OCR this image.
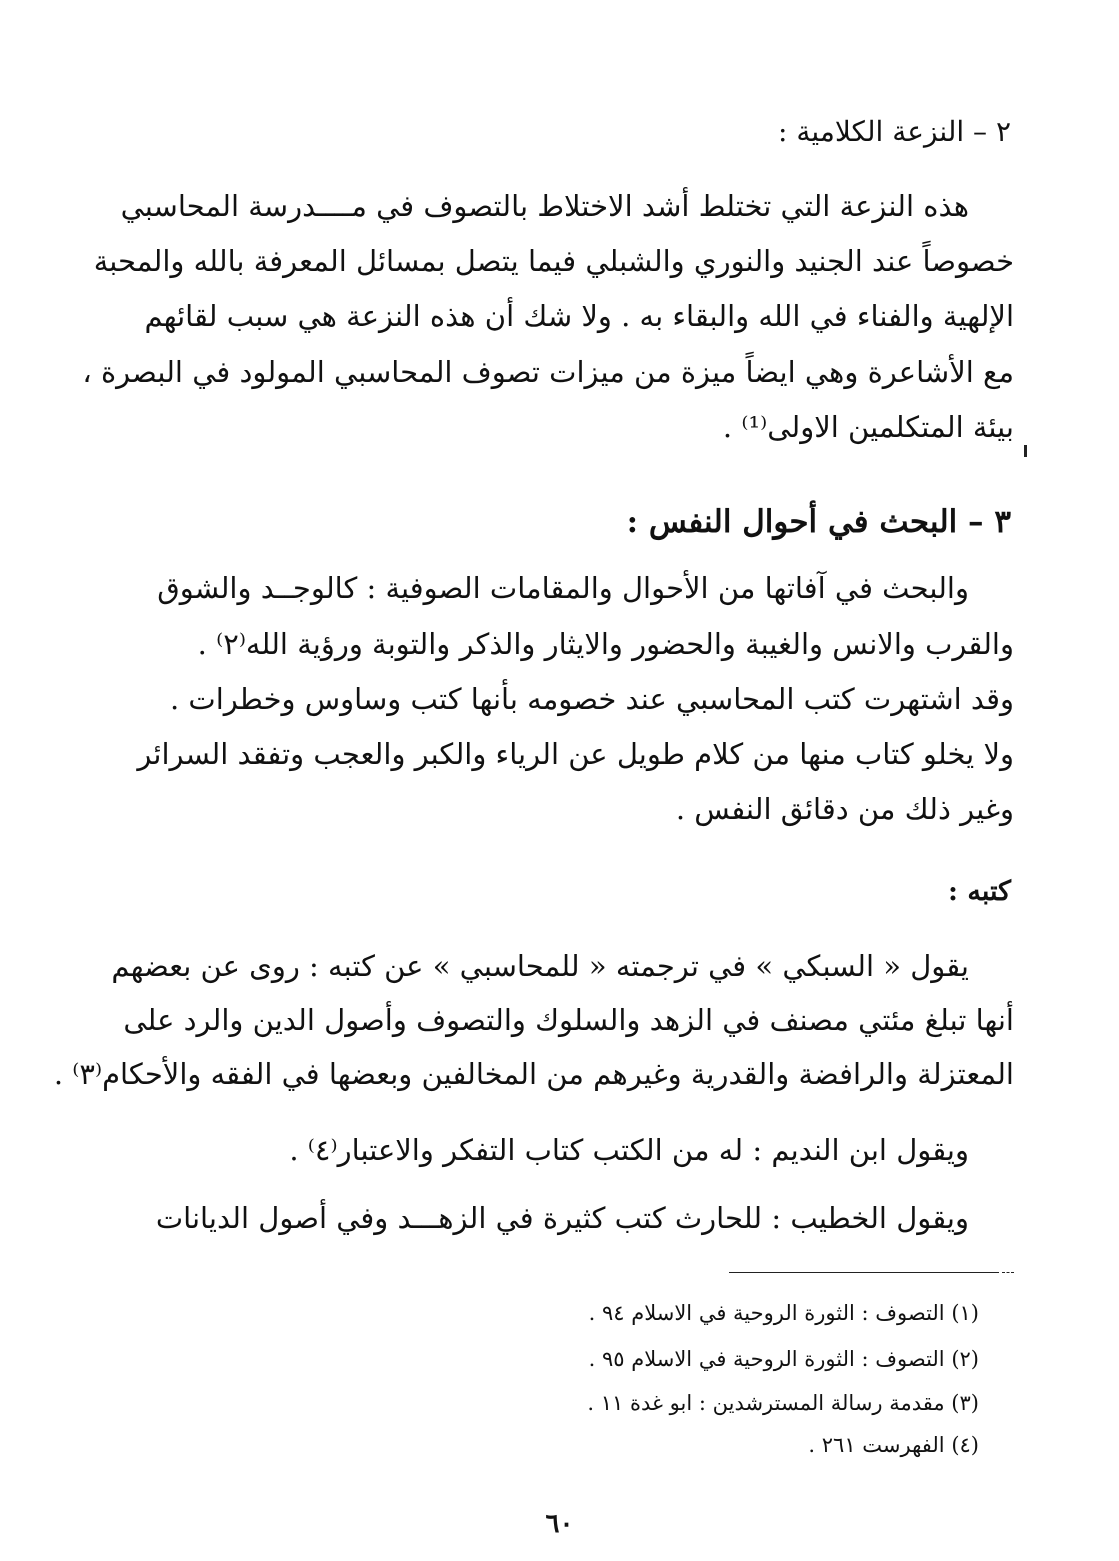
٢ – النزعة الكلامية :
هذه النزعة التي تختلط أشد الاختلاط بالتصوف في مــــدرسة المحاسبي
خصوصاً عند الجنيد والنوري والشبلي فيما يتصل بمسائل المعرفة بالله والمحبة
الإلهية والفناء في الله والبقاء به . ولا شك أن هذه النزعة هي سبب لقائهم
مع الأشاعرة وهي ايضاً ميزة من ميزات تصوف المحاسبي المولود في البصرة ،
بيئة المتكلمين الاولى⁽¹⁾ .
٣ – البحث في أحوال النفس :
والبحث في آفاتها من الأحوال والمقامات الصوفية : كالوجــد والشوق
والقرب والانس والغيبة والحضور والايثار والذكر والتوبة ورؤية الله⁽٢⁾ .
وقد اشتهرت كتب المحاسبي عند خصومه بأنها كتب وساوس وخطرات .
ولا يخلو كتاب منها من كلام طويل عن الرياء والكبر والعجب وتفقد السرائر
وغير ذلك من دقائق النفس .
كتبه :
يقول « السبكي » في ترجمته « للمحاسبي » عن كتبه : روى عن بعضهم
أنها تبلغ مئتي مصنف في الزهد والسلوك والتصوف وأصول الدين والرد على
المعتزلة والرافضة والقدرية وغيرهم من المخالفين وبعضها في الفقه والأحكام⁽٣⁾ .
ويقول ابن النديم : له من الكتب كتاب التفكر والاعتبار⁽٤⁾ .
ويقول الخطيب : للحارث كتب كثيرة في الزهـــد وفي أصول الديانات
(١) التصوف : الثورة الروحية في الاسلام ٩٤ .
(٢) التصوف : الثورة الروحية في الاسلام ٩٥ .
(٣) مقدمة رسالة المسترشدين : ابو غدة ١١ .
(٤) الفهرست ٢٦١ .
٦٠
